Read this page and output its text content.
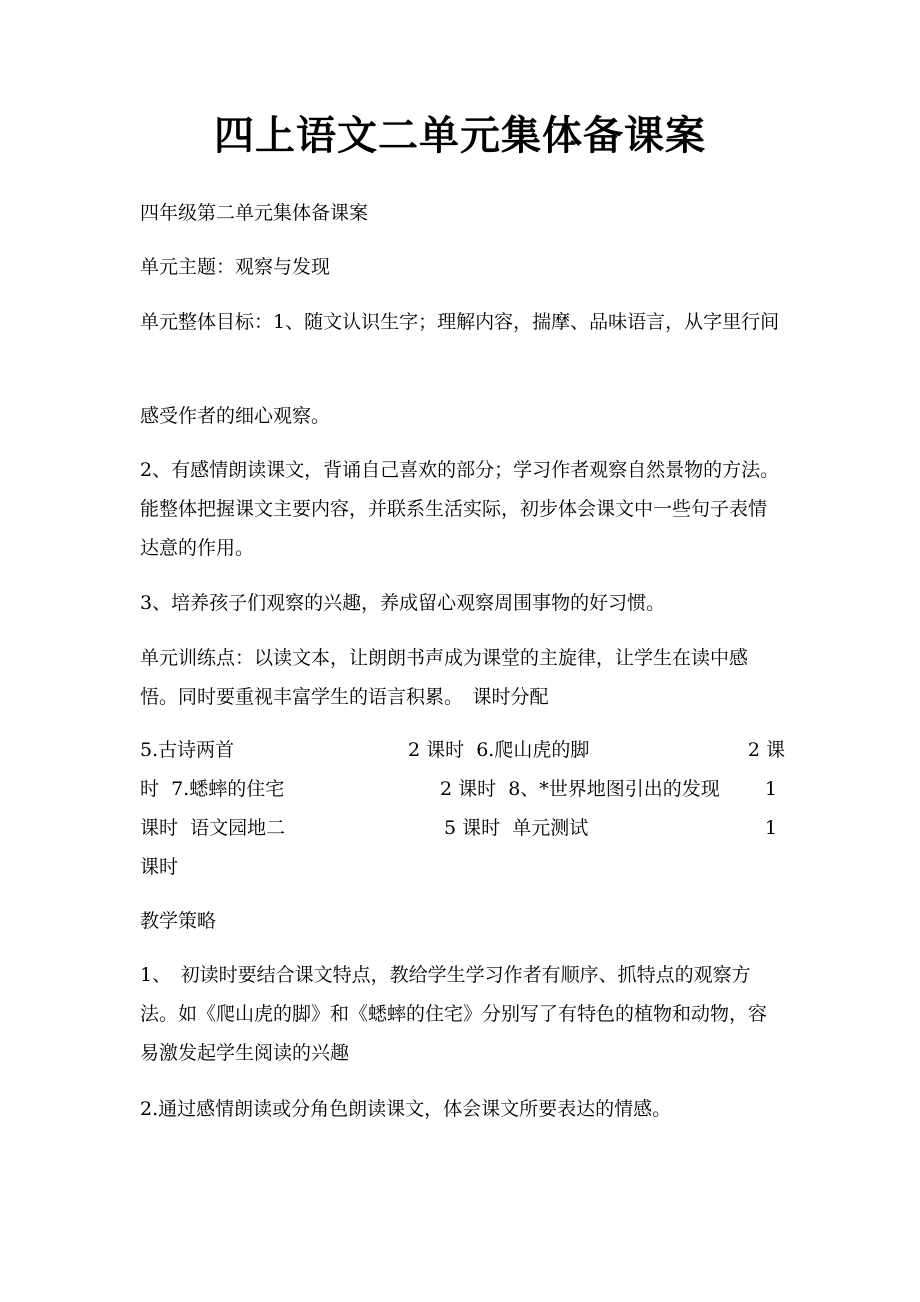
四上语文二单元集体备课案

四年级第二单元集体备课案

单元主题：观察与发现

单元整体目标：1、随文认识生字；理解内容，揣摩、品味语言，从字里行间

感受作者的细心观察。

2、有感情朗读课文，背诵自己喜欢的部分；学习作者观察自然景物的方法。能整体把握课文主要内容，并联系生活实际，初步体会课文中一些句子表情达意的作用。

3、培养孩子们观察的兴趣，养成留心观察周围事物的好习惯。

单元训练点：以读文本，让朗朗书声成为课堂的主旋律，让学生在读中感悟。同时要重视丰富学生的语言积累。　课时分配

5.古诗两首	2 课时  6.爬山虎的脚	2 课
时  7.蟋蟀的住宅	2 课时  8、*世界地图引出的发现 1
课时  语文园地二	5 课时  单元测试	1
课时

教学策略

1、　初读时要结合课文特点，教给学生学习作者有顺序、抓特点的观察方法。如《爬山虎的脚》和《蟋蟀的住宅》分别写了有特色的植物和动物，容易激发起学生阅读的兴趣

2.通过感情朗读或分角色朗读课文，体会课文所要表达的情感。
